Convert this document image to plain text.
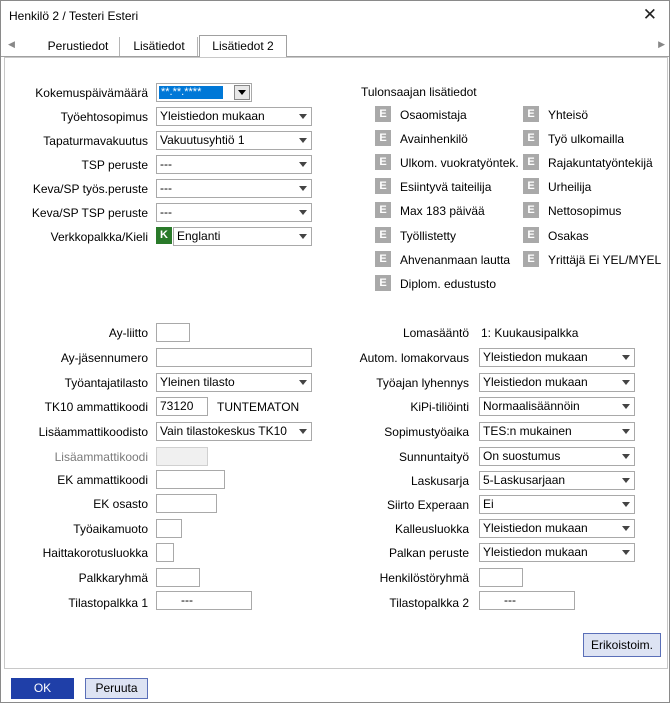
Henkilö 2 / Testeri Esteri	✕
◀	Perustiedot	Lisätiedot	Lisätiedot 2	▶
Kokemuspäivämäärä **.**.****
Työehtosopimus	Yleistiedon mukaan
Tapaturmavakuutus	Vakuutusyhtiö 1
TSP peruste	---
Keva/SP työs.peruste	---
Keva/SP TSP peruste	---
Verkkopalkka/Kieli	K Englanti
Tulonsaajan lisätiedot
E	Osaomistaja
E	Avainhenkilö
E	Ulkom. vuokratyöntek.
E	Esiintyvä taiteilija
E	Max 183 päivää
E	Työllistetty
E	Ahvenanmaan lautta
E	Diplom. edustusto
E	Yhteisö
E	Työ ulkomailla
E	Rajakuntatyöntekijä
E	Urheilija
E	Nettosopimus
E	Osakas
E	Yrittäjä Ei YEL/MYEL
Ay-liitto
Ay-jäsennumero
Työantajatilasto	Yleinen tilasto
TK10 ammattikoodi	73120	TUNTEMATON
Lisäammattikoodisto	Vain tilastokeskus TK10
Lisäammattikoodi
EK ammattikoodi
EK osasto
Työaikamuoto
Haittakorotusluokka
Palkkaryhmä
Tilastopalkka 1	---
Lomasääntö 1: Kuukausipalkka
Autom. lomakorvaus	Yleistiedon mukaan
Työajan lyhennys	Yleistiedon mukaan
KiPi-tiliöinti	Normaalisäännöin
Sopimustyöaika	TES:n mukainen
Sunnuntaityö	On suostumus
Laskusarja	5-Laskusarjaan
Siirto Experaan	Ei
Kalleusluokka	Yleistiedon mukaan
Palkan peruste	Yleistiedon mukaan
Henkilöstöryhmä
Tilastopalkka 2	---
Erikoistoim.
OK	Peruuta
